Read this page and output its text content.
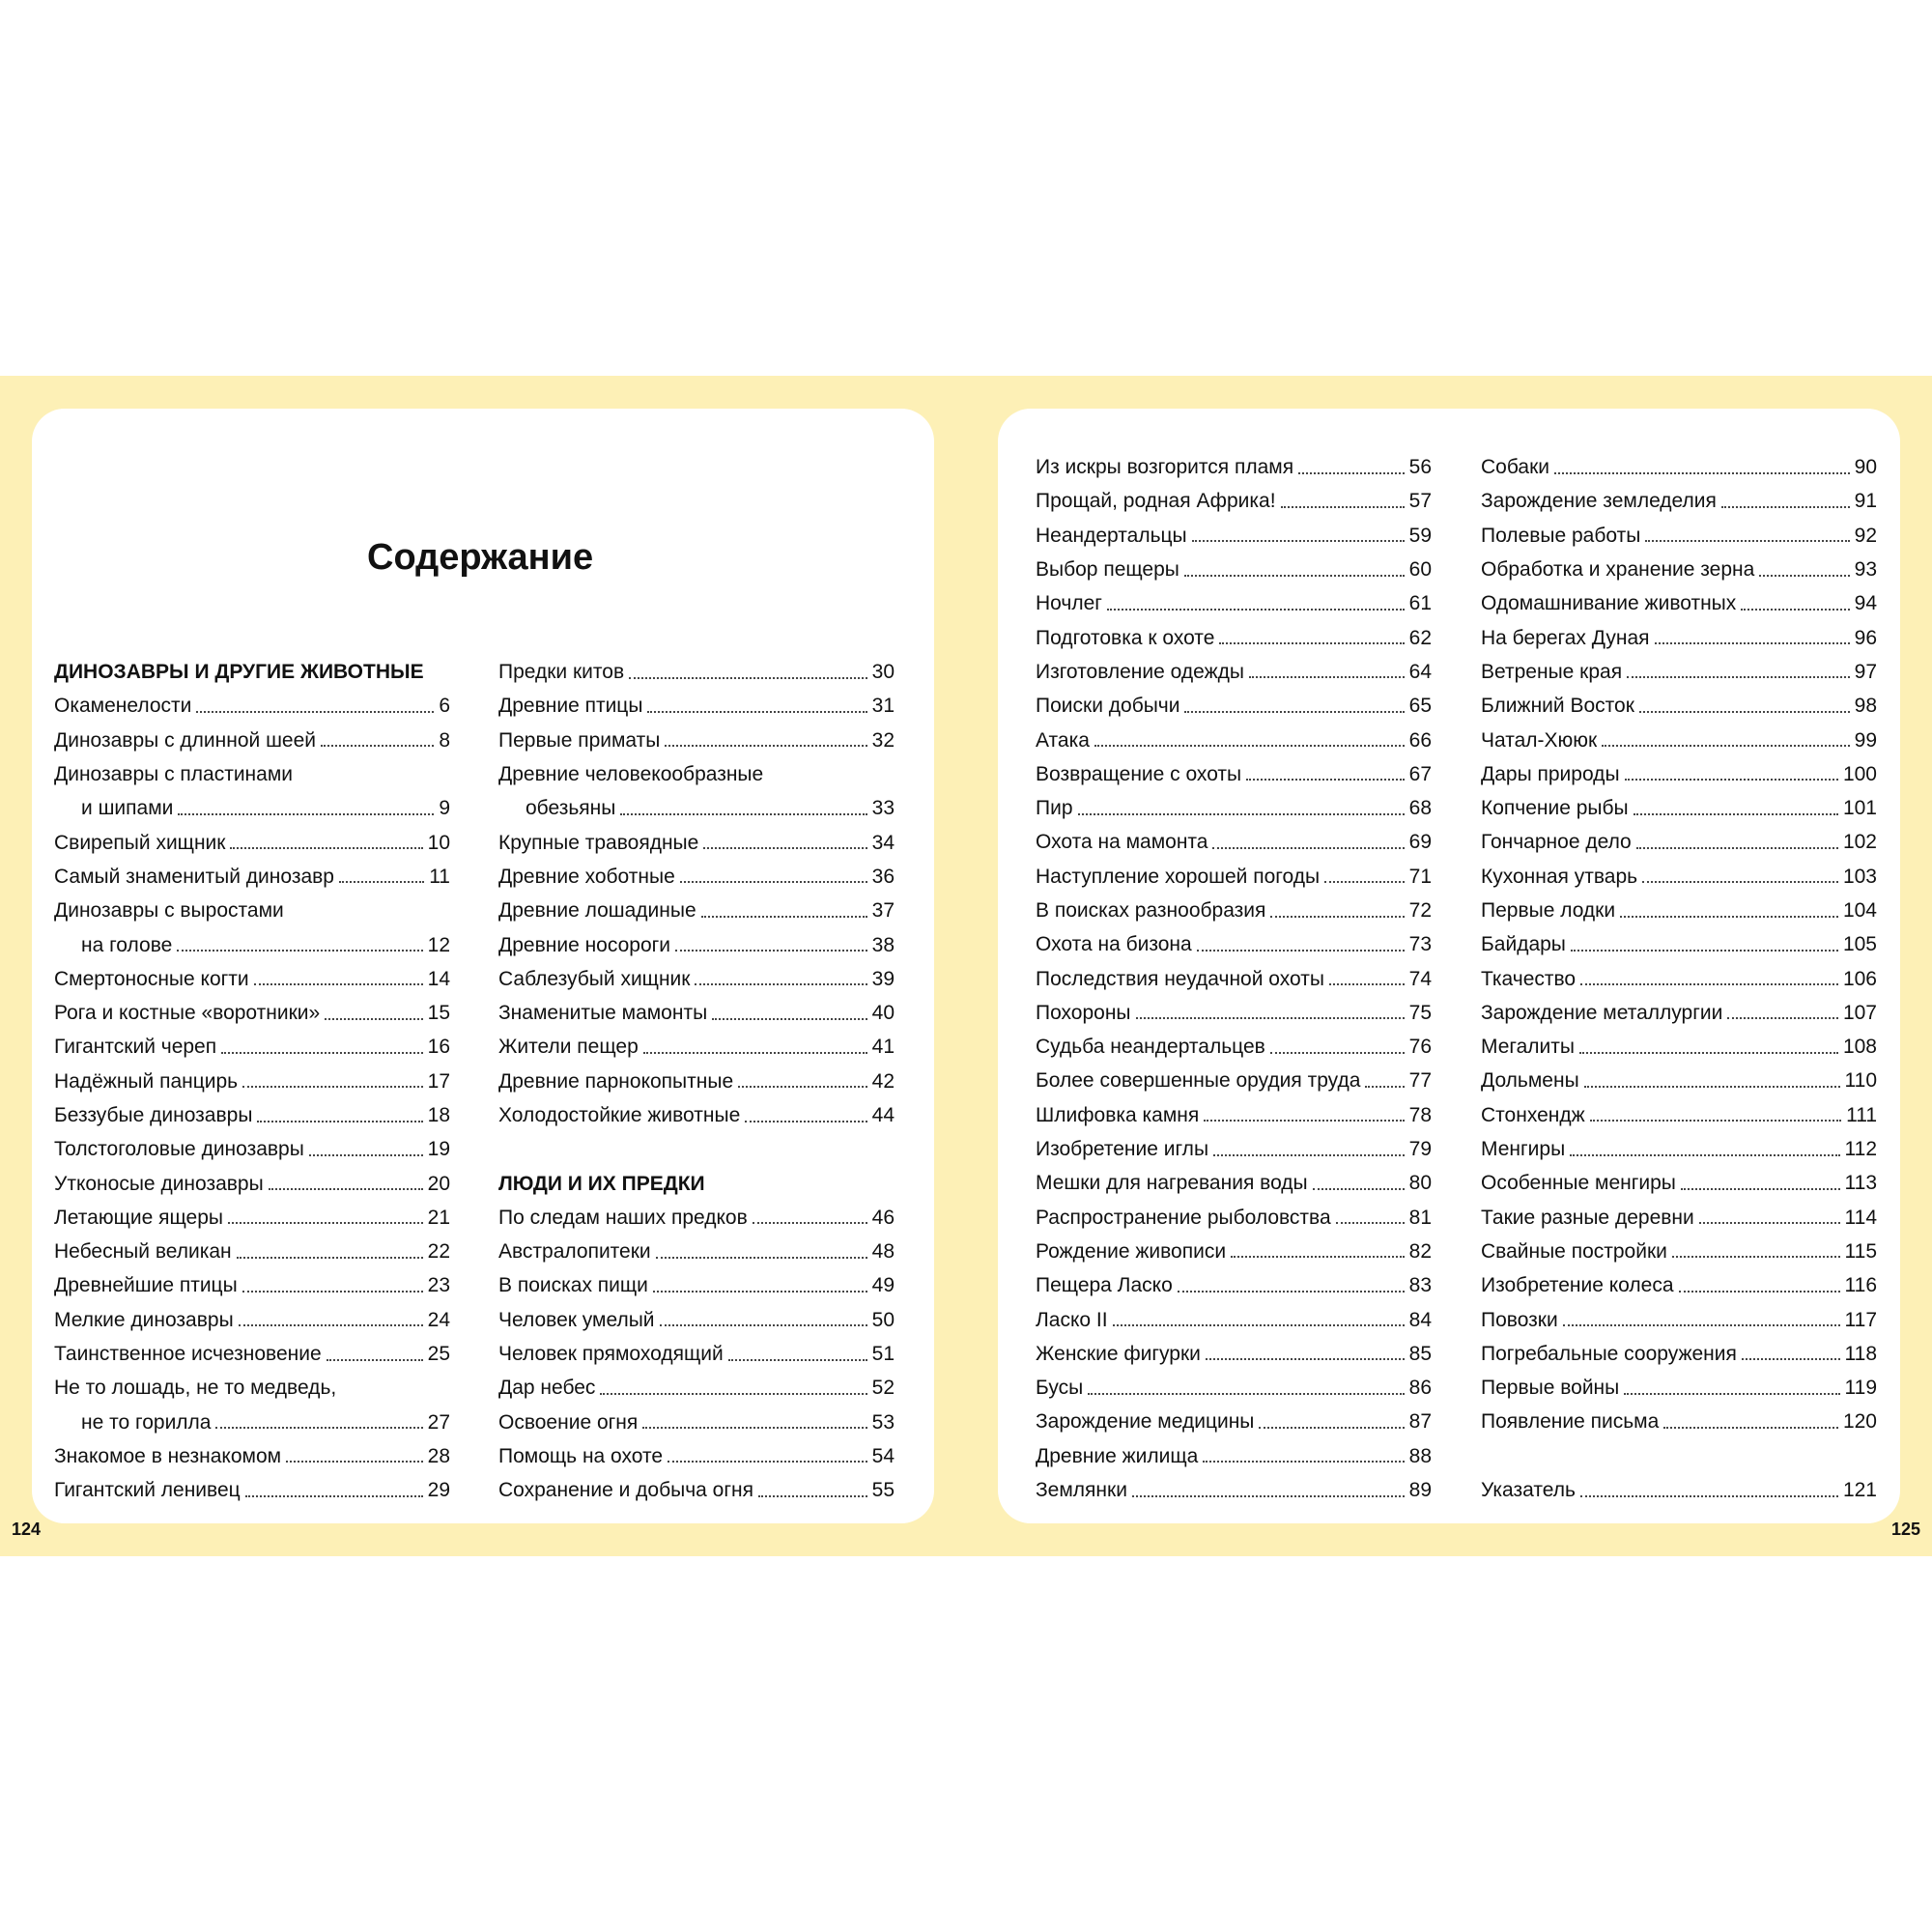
124	125
Содержание
ДИНОЗАВРЫ И ДРУГИЕ ЖИВОТНЫЕ
Окаменелости	6
Динозавры с длинной шеей	8
Динозавры с пластинами
и шипами	9
Свирепый хищник	10
Самый знаменитый динозавр	11
Динозавры с выростами
на голове	12
Смертоносные когти	14
Рога и костные «воротники»	15
Гигантский череп	16
Надёжный панцирь	17
Беззубые динозавры	18
Толстоголовые динозавры	19
Утконосые динозавры	20
Летающие ящеры	21
Небесный великан	22
Древнейшие птицы	23
Мелкие динозавры	24
Таинственное исчезновение	25
Не то лошадь, не то медведь,
не то горилла	27
Знакомое в незнакомом	28
Гигантский ленивец	29
Предки китов	30
Древние птицы	31
Первые приматы	32
Древние человекообразные
обезьяны	33
Крупные травоядные	34
Древние хоботные	36
Древние лошадиные	37
Древние носороги	38
Саблезубый хищник	39
Знаменитые мамонты	40
Жители пещер	41
Древние парнокопытные	42
Холодостойкие животные	44
ЛЮДИ И ИХ ПРЕДКИ
По следам наших предков	46
Австралопитеки	48
В поисках пищи	49
Человек умелый	50
Человек прямоходящий	51
Дар небес	52
Освоение огня	53
Помощь на охоте	54
Сохранение и добыча огня	55
Из искры возгорится пламя	56
Прощай, родная Африка!	57
Неандертальцы	59
Выбор пещеры	60
Ночлег	61
Подготовка к охоте	62
Изготовление одежды	64
Поиски добычи	65
Атака	66
Возвращение с охоты	67
Пир	68
Охота на мамонта	69
Наступление хорошей погоды	71
В поисках разнообразия	72
Охота на бизона	73
Последствия неудачной охоты	74
Похороны	75
Судьба неандертальцев	76
Более совершенные орудия труда 77
Шлифовка камня	78
Изобретение иглы	79
Мешки для нагревания воды	80
Распространение рыболовства	81
Рождение живописи	82
Пещера Ласко	83
Ласко II	84
Женские фигурки	85
Бусы	86
Зарождение медицины	87
Древние жилища	88
Землянки	89
Собаки	90
Зарождение земледелия	91
Полевые работы	92
Обработка и хранение зерна	93
Одомашнивание животных	94
На берегах Дуная	96
Ветреные края	97
Ближний Восток	98
Чатал-Хююк	99
Дары природы	100
Копчение рыбы	101
Гончарное дело	102
Кухонная утварь	103
Первые лодки	104
Байдары	105
Ткачество	106
Зарождение металлургии	107
Мегалиты	108
Дольмены	110
Стонхендж	111
Менгиры	112
Особенные менгиры	113
Такие разные деревни	114
Свайные постройки	115
Изобретение колеса	116
Повозки	117
Погребальные сооружения	118
Первые войны	119
Появление письма	120
Указатель	121
